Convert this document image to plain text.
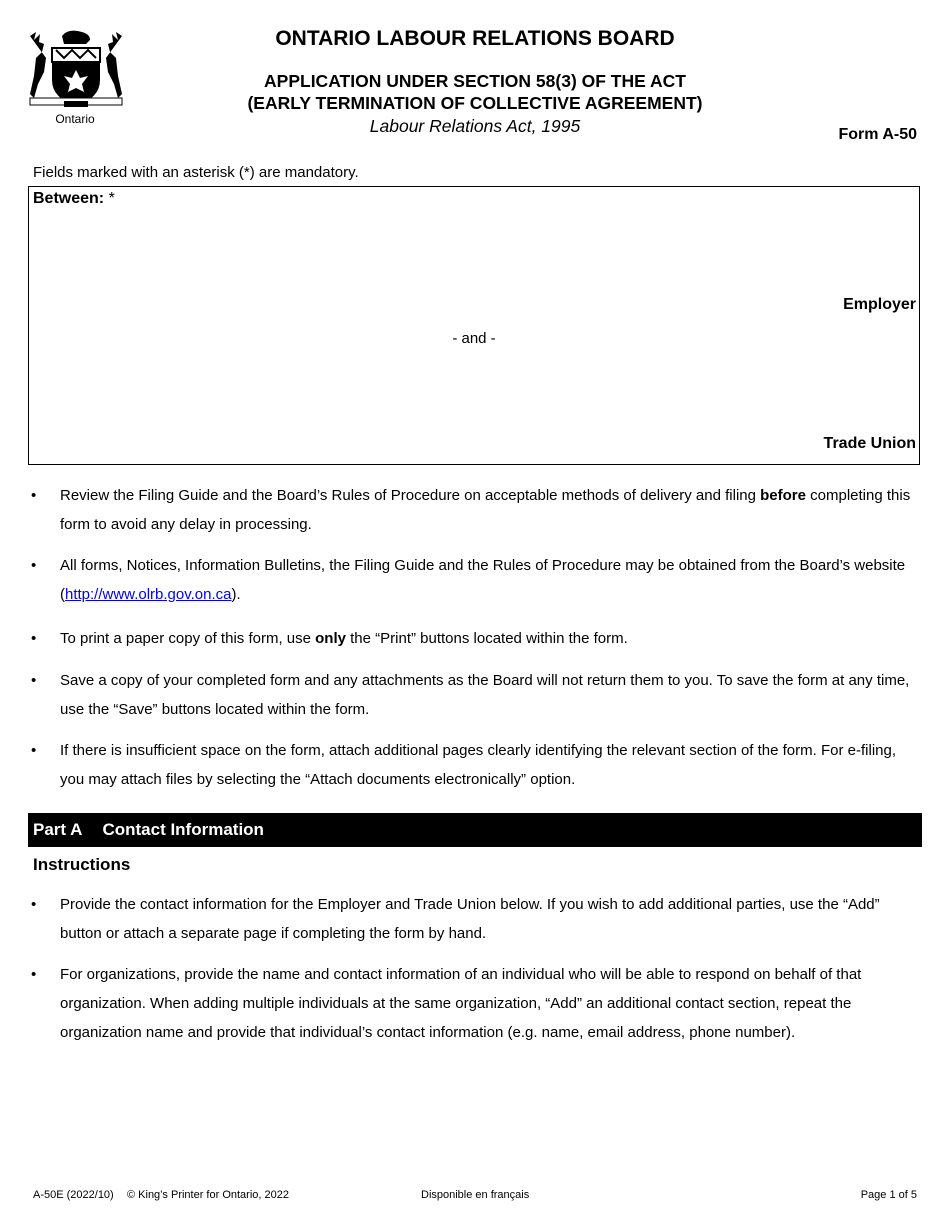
Ontario
ONTARIO LABOUR RELATIONS BOARD
APPLICATION UNDER SECTION 58(3) OF THE ACT
(EARLY TERMINATION OF COLLECTIVE AGREEMENT)
Labour Relations Act, 1995	Form A-50
Fields marked with an asterisk (*) are mandatory.
Between: *
Employer
- and -
Trade Union
• Review the Filing Guide and the Board’s Rules of Procedure on acceptable methods of delivery and filing before completing this form to avoid any delay in processing.
• All forms, Notices, Information Bulletins, the Filing Guide and the Rules of Procedure may be obtained from the Board’s website (http://www.olrb.gov.on.ca).
• To print a paper copy of this form, use only the “Print” buttons located within the form.
• Save a copy of your completed form and any attachments as the Board will not return them to you. To save the form at any time, use the “Save” buttons located within the form.
• If there is insufficient space on the form, attach additional pages clearly identifying the relevant section of the form. For e-filing, you may attach files by selecting the “Attach documents electronically” option.
Part A Contact Information
Instructions
• Provide the contact information for the Employer and Trade Union below. If you wish to add additional parties, use the “Add” button or attach a separate page if completing the form by hand.
• For organizations, provide the name and contact information of an individual who will be able to respond on behalf of that organization. When adding multiple individuals at the same organization, “Add” an additional contact section, repeat the organization name and provide that individual’s contact information (e.g. name, email address, phone number).
A-50E (2022/10) © King’s Printer for Ontario, 2022	Disponible en français	Page 1 of 5
